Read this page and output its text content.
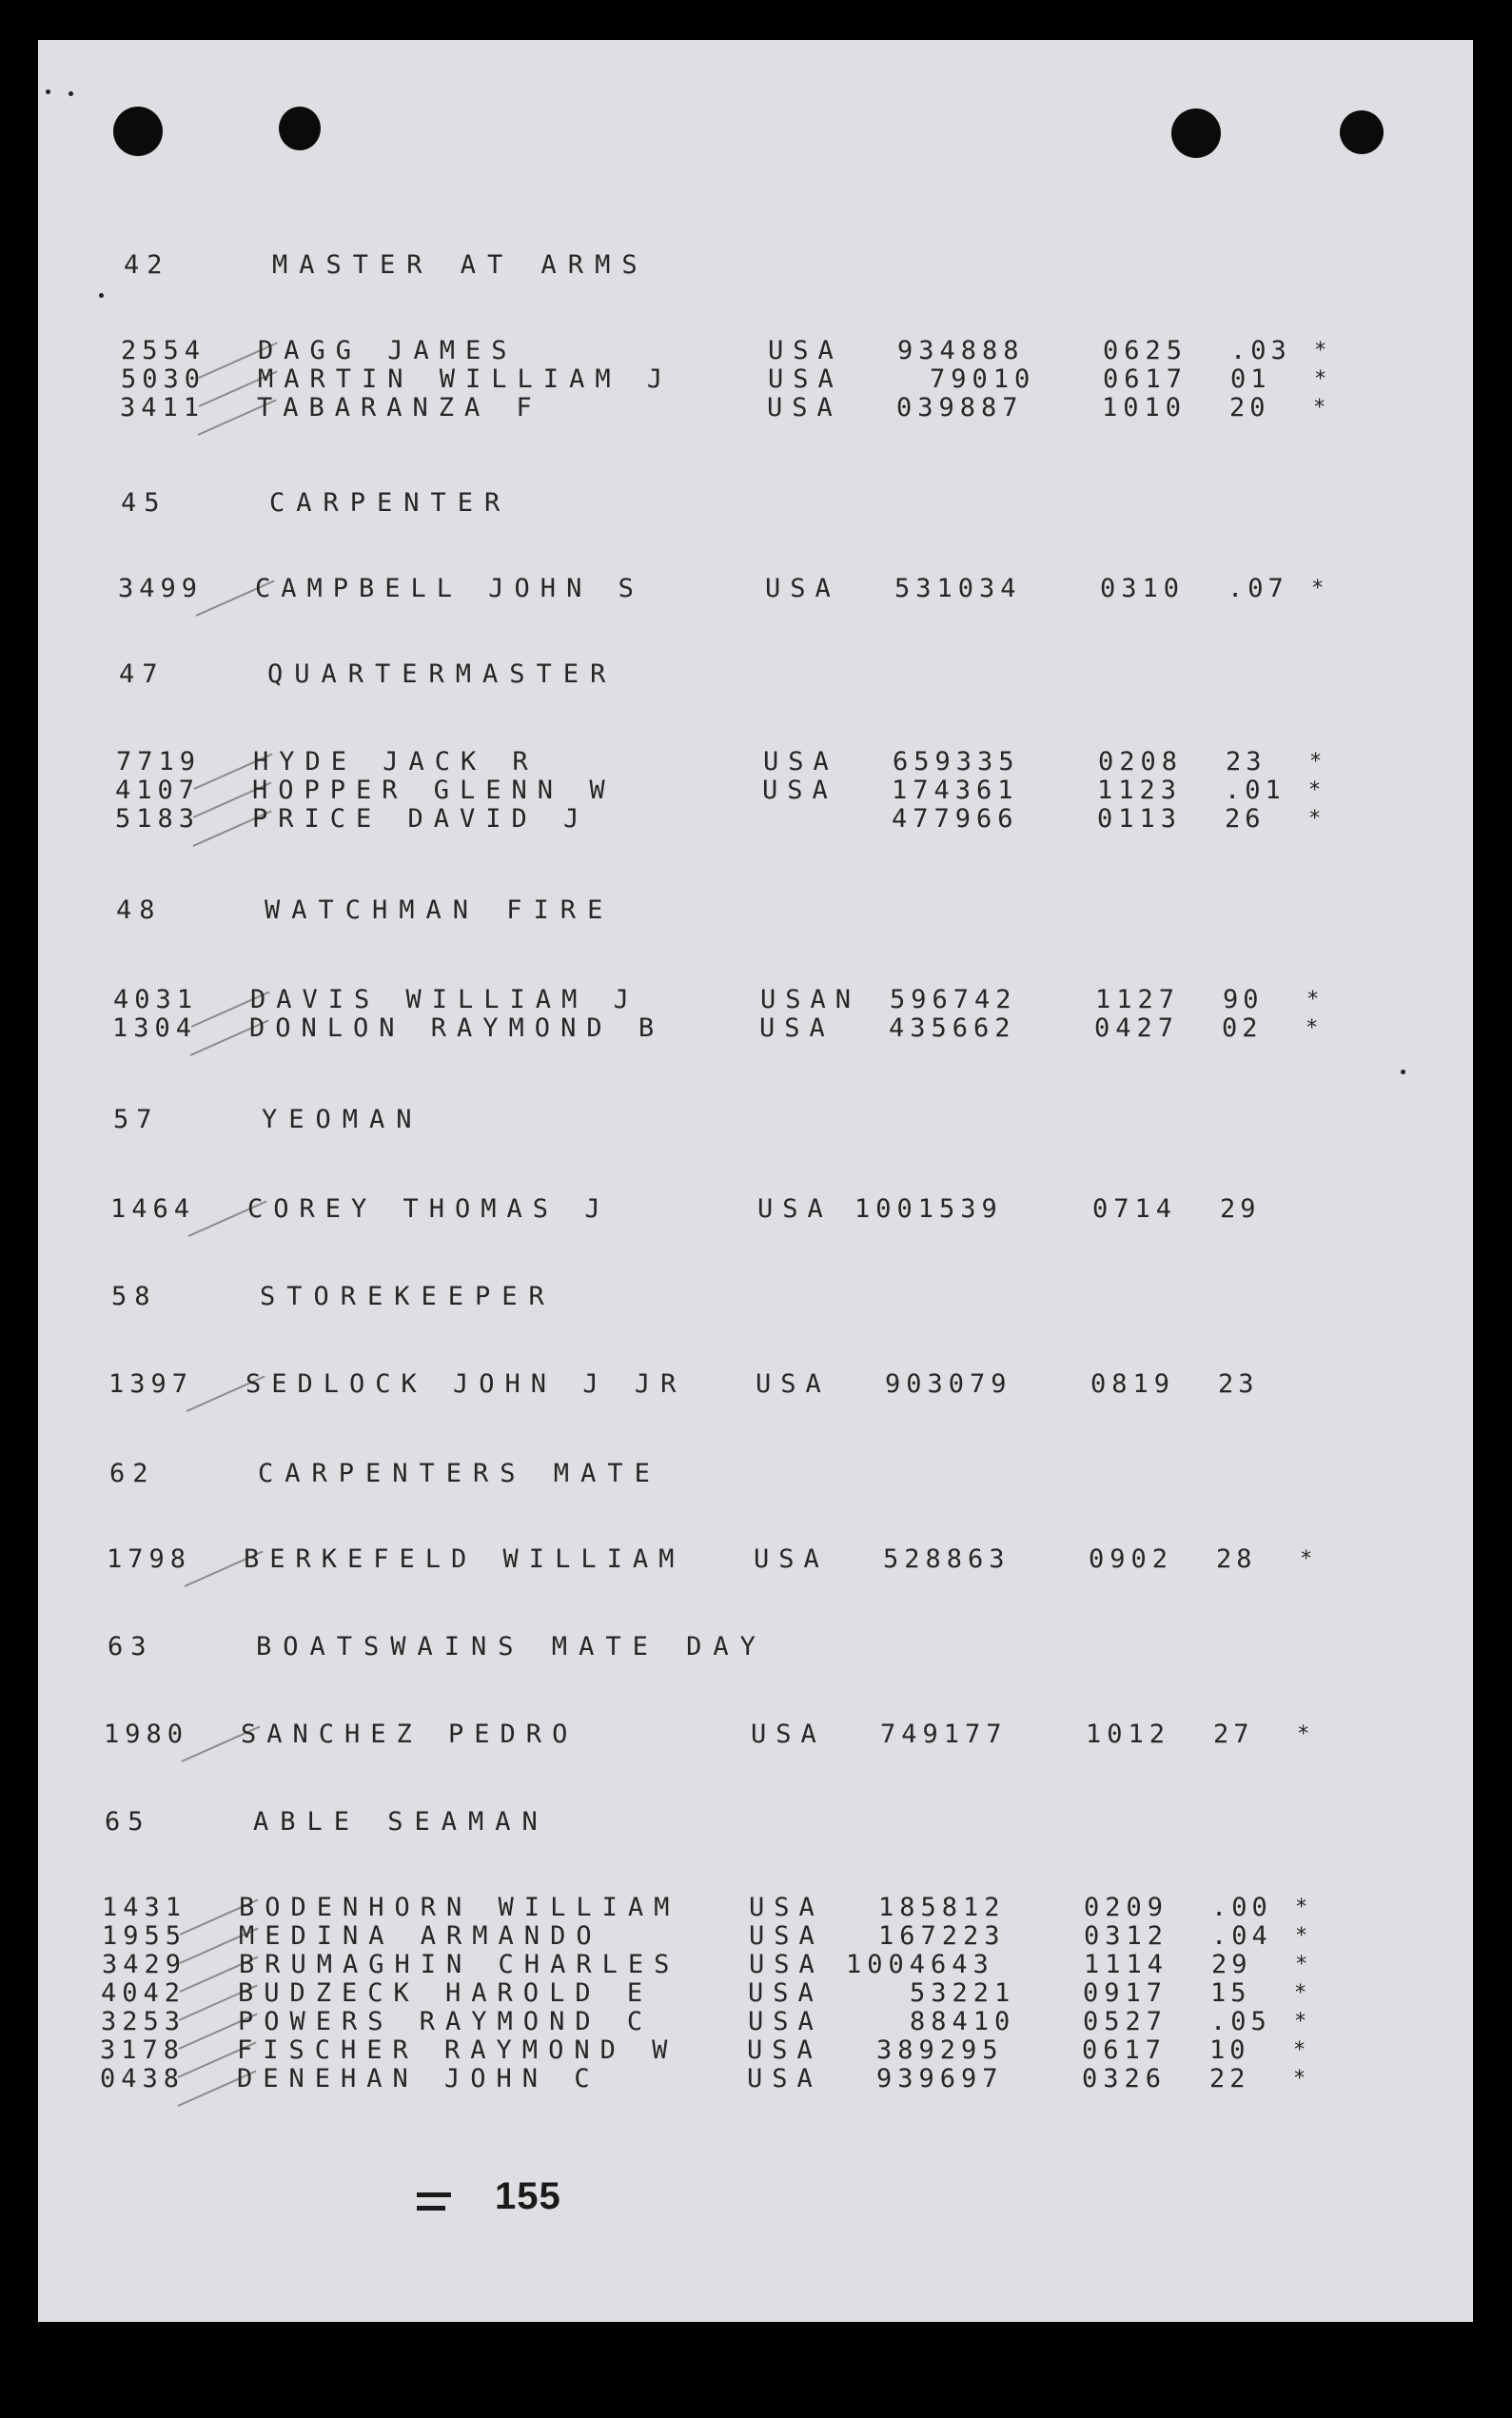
42	MASTER AT ARMS
2554 DAGG JAMES	USA 934888	0625 .03 *
5030 MARTIN WILLIAM J	USA	79010	0617 01 *
3411 TABARANZA F	USA 039887	1010 20 *
45	CARPENTER
3499 CAMPBELL JOHN S	USA 531034	0310 .07 *
47	QUARTERMASTER
7719 HYDE JACK R	USA 659335	0208 23 *
4107 HOPPER GLENN W	USA 174361	1123 .01 *
5183 PRICE DAVID J	477966	0113 26 *
48	WATCHMAN FIRE
4031 DAVIS WILLIAM J	USAN 596742	1127 90 *
1304 DONLON RAYMOND B	USA 435662	0427 02 *
57	YEOMAN
1464 COREY THOMAS J	USA 1001539	0714 29
58	STOREKEEPER
1397 SEDLOCK JOHN J JR	USA 903079	0819 23
62	CARPENTERS MATE
1798 BERKEFELD WILLIAM	USA 528863	0902 28 *
63	BOATSWAINS MATE DAY
1980 SANCHEZ PEDRO	USA 749177	1012 27 *
65	ABLE SEAMAN
1431 BODENHORN WILLIAM	USA 185812	0209 .00 *
1955 MEDINA ARMANDO	USA 167223	0312 .04 *
3429 BRUMAGHIN CHARLES	USA 1004643	1114 29 *
4042 BUDZECK HAROLD E	USA	53221	0917 15 *
3253 POWERS RAYMOND C	USA	88410	0527 .05 *
3178 FISCHER RAYMOND W	USA 389295	0617 10 *
0438 DENEHAN JOHN C	USA 939697	0326 22 *
155
